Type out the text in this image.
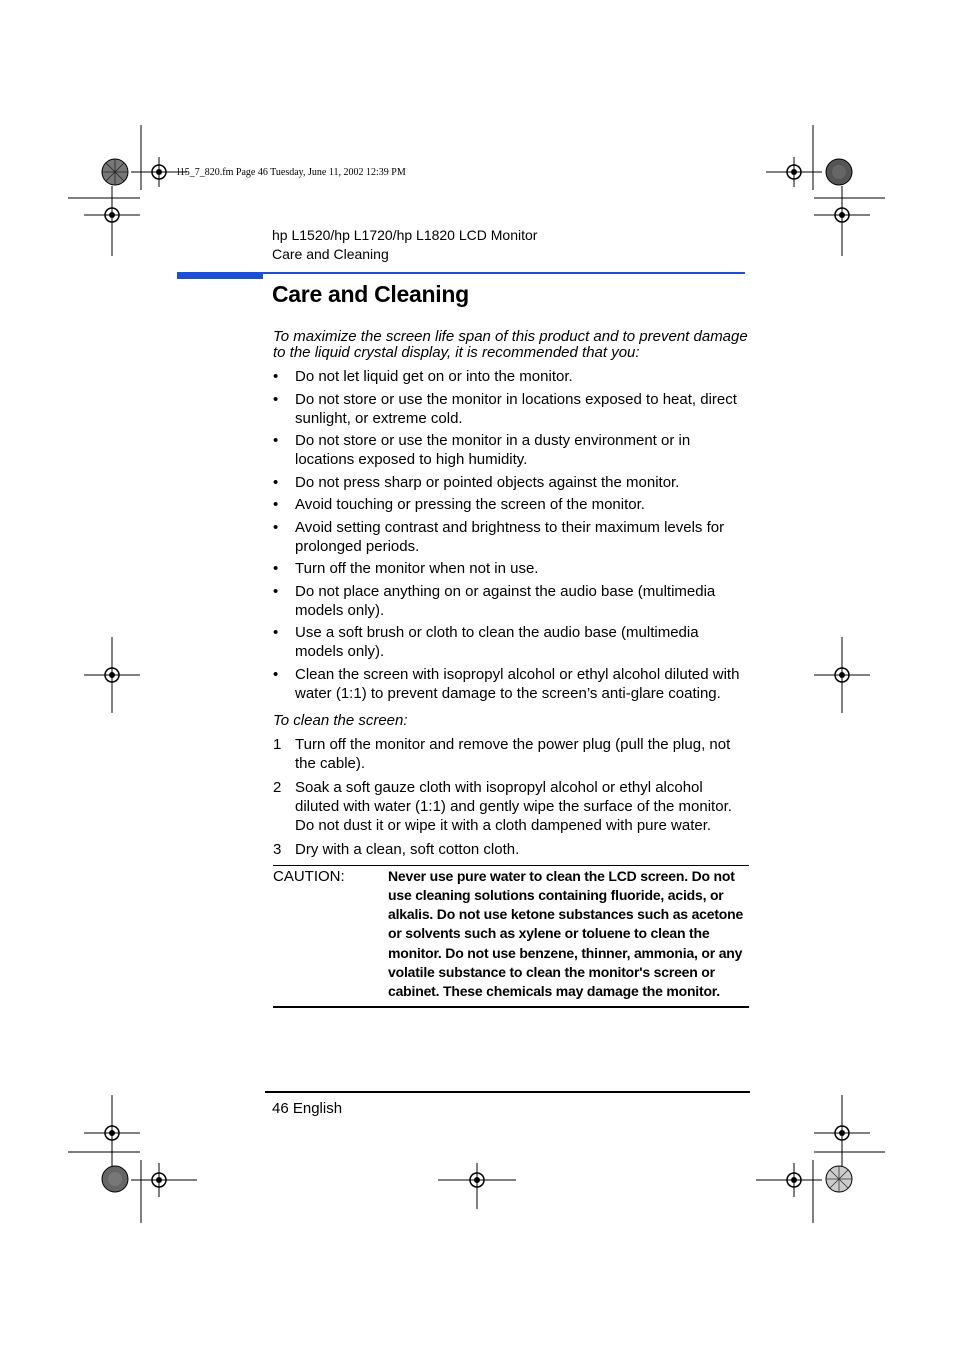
l15_7_820.fm Page 46 Tuesday, June 11, 2002 12:39 PM
hp L1520/hp L1720/hp L1820 LCD Monitor
Care and Cleaning
Care and Cleaning

To maximize the screen life span of this product and to prevent damage to the liquid crystal display, it is recommended that you:

• Do not let liquid get on or into the monitor.
• Do not store or use the monitor in locations exposed to heat, direct sunlight, or extreme cold.
• Do not store or use the monitor in a dusty environment or in locations exposed to high humidity.
• Do not press sharp or pointed objects against the monitor.
• Avoid touching or pressing the screen of the monitor.
• Avoid setting contrast and brightness to their maximum levels for prolonged periods.
• Turn off the monitor when not in use.
• Do not place anything on or against the audio base (multimedia models only).
• Use a soft brush or cloth to clean the audio base (multimedia models only).
• Clean the screen with isopropyl alcohol or ethyl alcohol diluted with water (1:1) to prevent damage to the screen’s anti-glare coating.

To clean the screen:

1 Turn off the monitor and remove the power plug (pull the plug, not the cable).
2 Soak a soft gauze cloth with isopropyl alcohol or ethyl alcohol diluted with water (1:1) and gently wipe the surface of the monitor. Do not dust it or wipe it with a cloth dampened with pure water.
3 Dry with a clean, soft cotton cloth.
CAUTION:	Never use pure water to clean the LCD screen. Do not use cleaning solutions containing fluoride, acids, or alkalis. Do not use ketone substances such as acetone or solvents such as xylene or toluene to clean the monitor. Do not use benzene, thinner, ammonia, or any volatile substance to clean the monitor's screen or cabinet. These chemicals may damage the monitor.
46 English
